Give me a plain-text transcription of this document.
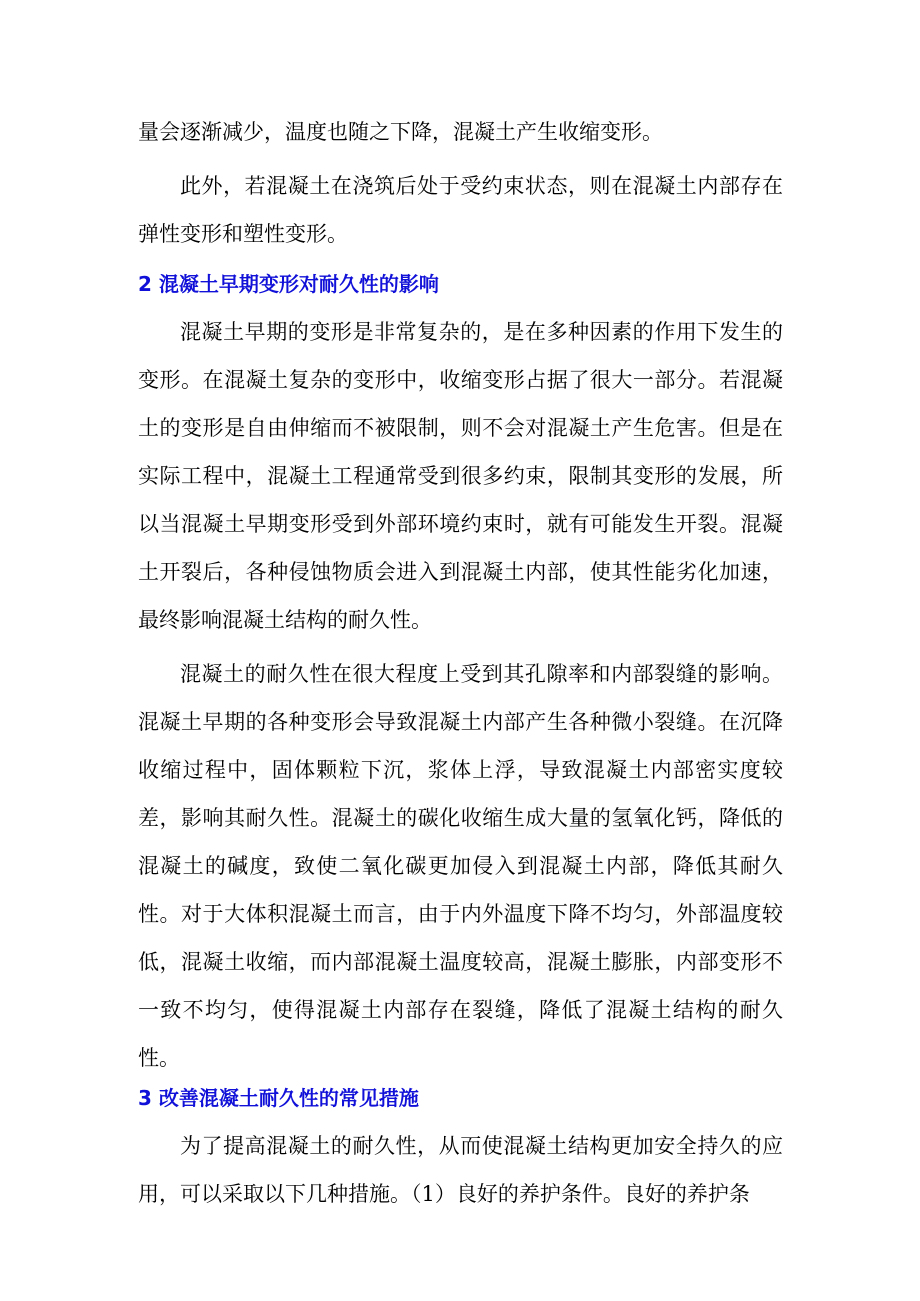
量会逐渐减少，温度也随之下降，混凝土产生收缩变形。

此外，若混凝土在浇筑后处于受约束状态，则在混凝土内部存在弹性变形和塑性变形。

2 混凝土早期变形对耐久性的影响

混凝土早期的变形是非常复杂的，是在多种因素的作用下发生的变形。在混凝土复杂的变形中，收缩变形占据了很大一部分。若混凝土的变形是自由伸缩而不被限制，则不会对混凝土产生危害。但是在实际工程中，混凝土工程通常受到很多约束，限制其变形的发展，所以当混凝土早期变形受到外部环境约束时，就有可能发生开裂。混凝土开裂后，各种侵蚀物质会进入到混凝土内部，使其性能劣化加速，最终影响混凝土结构的耐久性。

混凝土的耐久性在很大程度上受到其孔隙率和内部裂缝的影响。混凝土早期的各种变形会导致混凝土内部产生各种微小裂缝。在沉降收缩过程中，固体颗粒下沉，浆体上浮，导致混凝土内部密实度较差，影响其耐久性。混凝土的碳化收缩生成大量的氢氧化钙，降低的混凝土的碱度，致使二氧化碳更加侵入到混凝土内部，降低其耐久性。对于大体积混凝土而言，由于内外温度下降不均匀，外部温度较低，混凝土收缩，而内部混凝土温度较高，混凝土膨胀，内部变形不一致不均匀，使得混凝土内部存在裂缝，降低了混凝土结构的耐久性。

3 改善混凝土耐久性的常见措施

为了提高混凝土的耐久性，从而使混凝土结构更加安全持久的应用，可以采取以下几种措施。（1）良好的养护条件。良好的养护条
